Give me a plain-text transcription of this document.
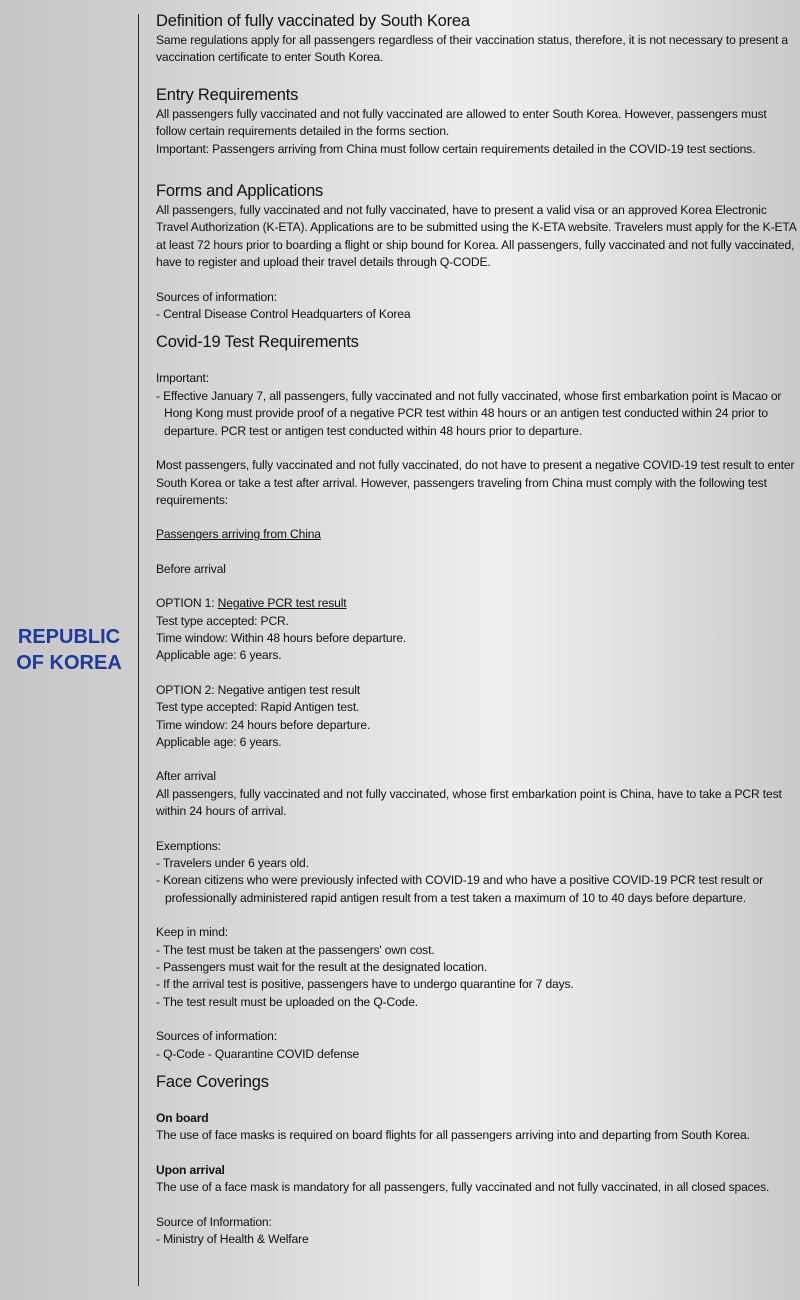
REPUBLIC
OF KOREA
Definition of fully vaccinated by South Korea

Same regulations apply for all passengers regardless of their vaccination status, therefore, it is not necessary to present a vaccination certificate to enter South Korea.

Entry Requirements

All passengers fully vaccinated and not fully vaccinated are allowed to enter South Korea. However, passengers must follow certain requirements detailed in the forms section.

Important: Passengers arriving from China must follow certain requirements detailed in the COVID-19 test sections.

Forms and Applications

All passengers, fully vaccinated and not fully vaccinated, have to present a valid visa or an approved Korea Electronic Travel Authorization (K-ETA). Applications are to be submitted using the K-ETA website. Travelers must apply for the K-ETA at least 72 hours prior to boarding a flight or ship bound for Korea. All passengers, fully vaccinated and not fully vaccinated, have to register and upload their travel details through Q-CODE.

Sources of information:

- Central Disease Control Headquarters of Korea

Covid-19 Test Requirements

Important:

- Effective January 7, all passengers, fully vaccinated and not fully vaccinated, whose first embarkation point is Macao or Hong Kong must provide proof of a negative PCR test within 48 hours or an antigen test conducted within 24 prior to departure. PCR test or antigen test conducted within 48 hours prior to departure.

Most passengers, fully vaccinated and not fully vaccinated, do not have to present a negative COVID-19 test result to enter South Korea or take a test after arrival. However, passengers traveling from China must comply with the following test requirements:

Passengers arriving from China

Before arrival

OPTION 1: Negative PCR test result

Test type accepted: PCR.

Time window: Within 48 hours before departure.

Applicable age: 6 years.

OPTION 2: Negative antigen test result

Test type accepted: Rapid Antigen test.

Time window: 24 hours before departure.

Applicable age: 6 years.

After arrival

All passengers, fully vaccinated and not fully vaccinated, whose first embarkation point is China, have to take a PCR test within 24 hours of arrival.

Exemptions:

- Travelers under 6 years old.

- Korean citizens who were previously infected with COVID-19 and who have a positive COVID-19 PCR test result or professionally administered rapid antigen result from a test taken a maximum of 10 to 40 days before departure.

Keep in mind:

- The test must be taken at the passengers' own cost.

- Passengers must wait for the result at the designated location.

- If the arrival test is positive, passengers have to undergo quarantine for 7 days.

- The test result must be uploaded on the Q-Code.

Sources of information:

- Q-Code - Quarantine COVID defense

Face Coverings

On board

The use of face masks is required on board flights for all passengers arriving into and departing from South Korea.

Upon arrival

The use of a face mask is mandatory for all passengers, fully vaccinated and not fully vaccinated, in all closed spaces.

Source of Information:

- Ministry of Health & Welfare
